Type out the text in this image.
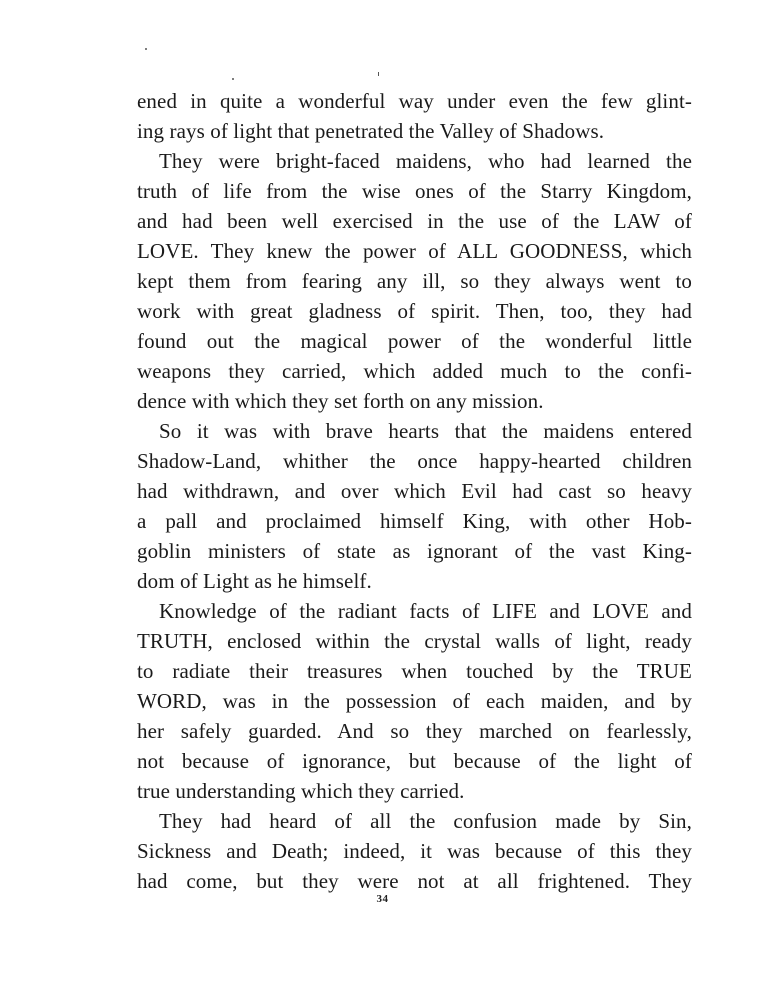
ened in quite a wonderful way under even the few glint-
ing rays of light that penetrated the Valley of Shadows.
They were bright-faced maidens, who had learned the
truth of life from the wise ones of the Starry Kingdom,
and had been well exercised in the use of the LAW of
LOVE. They knew the power of ALL GOODNESS, which
kept them from fearing any ill, so they always went to
work with great gladness of spirit. Then, too, they had
found out the magical power of the wonderful little
weapons they carried, which added much to the confi-
dence with which they set forth on any mission.
So it was with brave hearts that the maidens entered
Shadow-Land, whither the once happy-hearted children
had withdrawn, and over which Evil had cast so heavy
a pall and proclaimed himself King, with other Hob-
goblin ministers of state as ignorant of the vast King-
dom of Light as he himself.
Knowledge of the radiant facts of LIFE and LOVE and
TRUTH, enclosed within the crystal walls of light, ready
to radiate their treasures when touched by the TRUE
WORD, was in the possession of each maiden, and by
her safely guarded. And so they marched on fearlessly,
not because of ignorance, but because of the light of
true understanding which they carried.
They had heard of all the confusion made by Sin,
Sickness and Death; indeed, it was because of this they
had come, but they were not at all frightened. They
34
